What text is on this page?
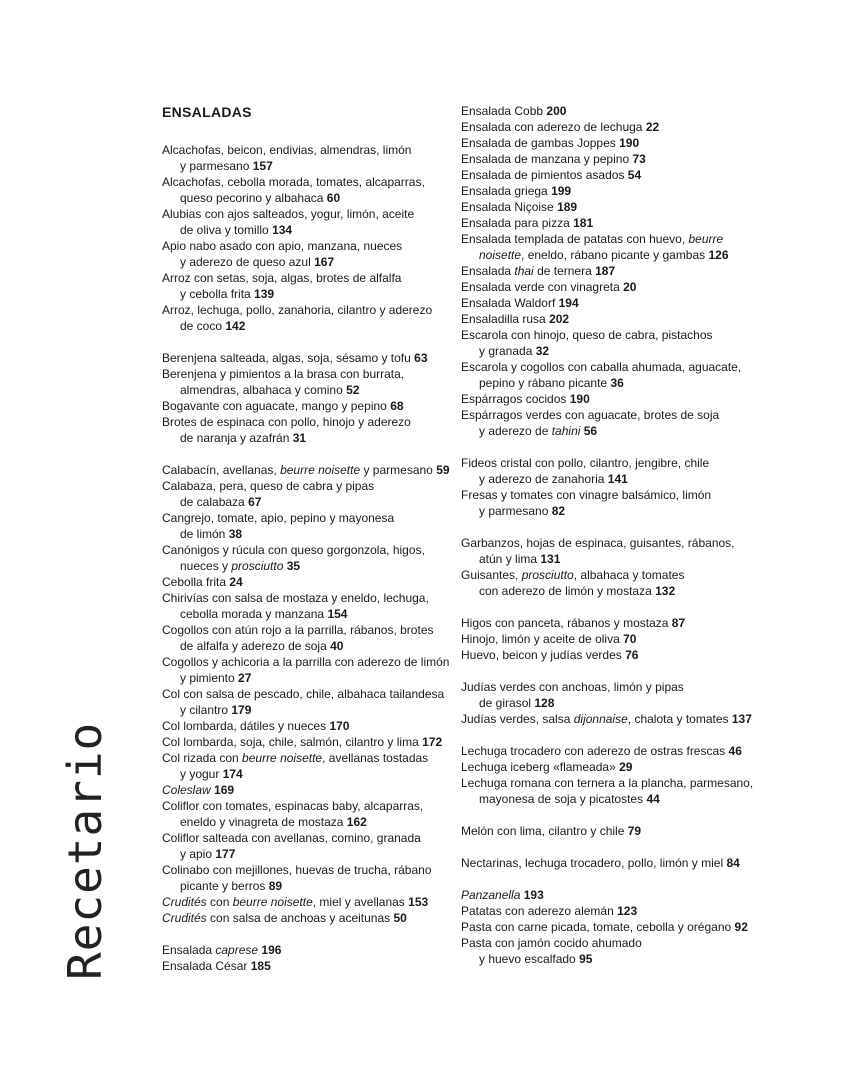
Recetario
ENSALADAS
Alcachofas, beicon, endivias, almendras, limón
y parmesano 157
Alcachofas, cebolla morada, tomates, alcaparras,
queso pecorino y albahaca 60
Alubias con ajos salteados, yogur, limón, aceite
de oliva y tomillo 134
Apio nabo asado con apio, manzana, nueces
y aderezo de queso azul 167
Arroz con setas, soja, algas, brotes de alfalfa
y cebolla frita 139
Arroz, lechuga, pollo, zanahoria, cilantro y aderezo
de coco 142
Berenjena salteada, algas, soja, sésamo y tofu 63
Berenjena y pimientos a la brasa con burrata,
almendras, albahaca y comino 52
Bogavante con aguacate, mango y pepino 68
Brotes de espinaca con pollo, hinojo y aderezo
de naranja y azafrán 31
Calabacín, avellanas, beurre noisette y parmesano 59
Calabaza, pera, queso de cabra y pipas
de calabaza 67
Cangrejo, tomate, apio, pepino y mayonesa
de limón 38
Canónigos y rúcula con queso gorgonzola, higos,
nueces y prosciutto 35
Cebolla frita 24
Chirivías con salsa de mostaza y eneldo, lechuga,
cebolla morada y manzana 154
Cogollos con atún rojo a la parrilla, rábanos, brotes
de alfalfa y aderezo de soja 40
Cogollos y achicoria a la parrilla con aderezo de limón
y pimiento 27
Col con salsa de pescado, chile, albahaca tailandesa
y cilantro 179
Col lombarda, dátiles y nueces 170
Col lombarda, soja, chile, salmón, cilantro y lima 172
Col rizada con beurre noisette, avellanas tostadas
y yogur 174
Coleslaw 169
Coliflor con tomates, espinacas baby, alcaparras,
eneldo y vinagreta de mostaza 162
Coliflor salteada con avellanas, comino, granada
y apio 177
Colinabo con mejillones, huevas de trucha, rábano
picante y berros 89
Crudités con beurre noisette, miel y avellanas 153
Crudités con salsa de anchoas y aceitunas 50
Ensalada caprese 196
Ensalada César 185
Ensalada Cobb 200
Ensalada con aderezo de lechuga 22
Ensalada de gambas Joppes 190
Ensalada de manzana y pepino 73
Ensalada de pimientos asados 54
Ensalada griega 199
Ensalada Niçoise 189
Ensalada para pizza 181
Ensalada templada de patatas con huevo, beurre
noisette, eneldo, rábano picante y gambas 126
Ensalada thai de ternera 187
Ensalada verde con vinagreta 20
Ensalada Waldorf 194
Ensaladilla rusa 202
Escarola con hinojo, queso de cabra, pistachos
y granada 32
Escarola y cogollos con caballa ahumada, aguacate,
pepino y rábano picante 36
Espárragos cocidos 190
Espárragos verdes con aguacate, brotes de soja
y aderezo de tahini 56
Fideos cristal con pollo, cilantro, jengibre, chile
y aderezo de zanahoria 141
Fresas y tomates con vinagre balsámico, limón
y parmesano 82
Garbanzos, hojas de espinaca, guisantes, rábanos,
atún y lima 131
Guisantes, prosciutto, albahaca y tomates
con aderezo de limón y mostaza 132
Higos con panceta, rábanos y mostaza 87
Hinojo, limón y aceite de oliva 70
Huevo, beicon y judías verdes 76
Judías verdes con anchoas, limón y pipas
de girasol 128
Judías verdes, salsa dijonnaise, chalota y tomates 137
Lechuga trocadero con aderezo de ostras frescas 46
Lechuga iceberg «flameada» 29
Lechuga romana con ternera a la plancha, parmesano,
mayonesa de soja y picatostes 44
Melón con lima, cilantro y chile 79
Nectarinas, lechuga trocadero, pollo, limón y miel 84
Panzanella 193
Patatas con aderezo alemán 123
Pasta con carne picada, tomate, cebolla y orégano 92
Pasta con jamón cocido ahumado
y huevo escalfado 95
